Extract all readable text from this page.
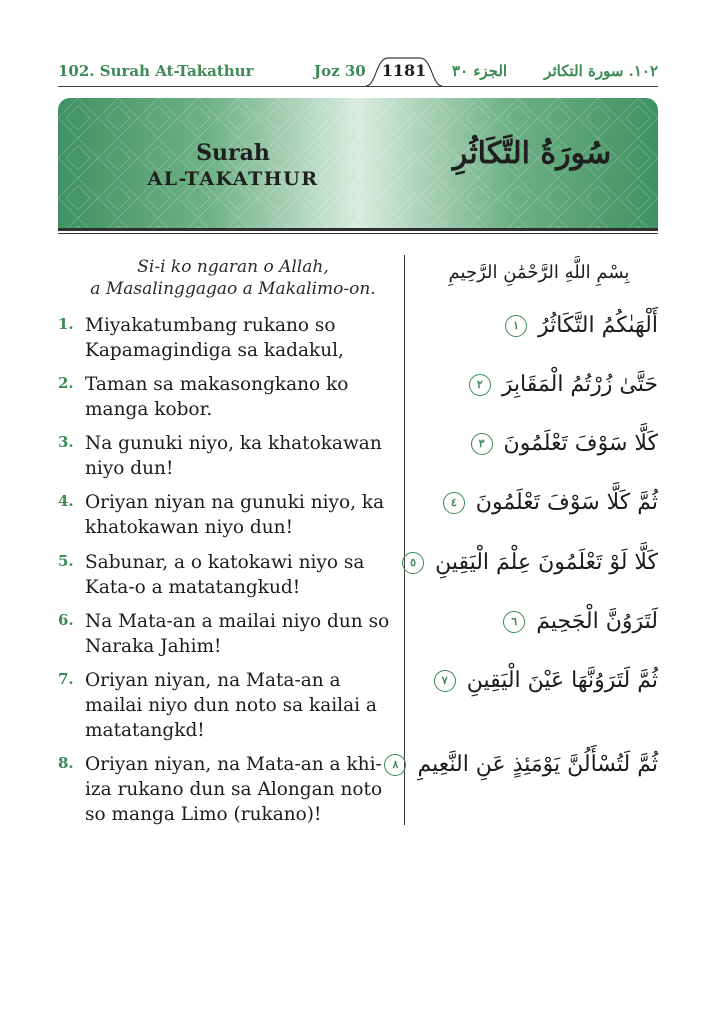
102. Surah At-Takathur	Joz 30	1181	الجزء ٣٠ ١٠٢. سورة التكاثر
Surah
AL-TAKATHUR
سُورَةُ التَّكَاثُرِ
Si-i ko ngaran o Allah,
a Masalinggagao a Makalimo-on.
بِسْمِ اللَّهِ الرَّحْمَٰنِ الرَّحِيمِ
1. Miyakatumbang rukano so
Kapamagindiga sa kadakul,
2. Taman sa makasongkano ko
manga kobor.
3. Na gunuki niyo, ka khatokawan
niyo dun!
4. Oriyan niyan na gunuki niyo, ka
khatokawan niyo dun!
5. Sabunar, a o katokawi niyo sa
Kata-o a matatangkud!
6. Na Mata-an a mailai niyo dun so
Naraka Jahim!
7. Oriyan niyan, na Mata-an a
mailai niyo dun noto sa kailai a
matatangkd!
8. Oriyan niyan, na Mata-an a khi-
iza rukano dun sa Alongan noto
so manga Limo (rukano)!
أَلْهَىٰكُمُ التَّكَاثُرُ ١
حَتَّىٰ زُرْتُمُ الْمَقَابِرَ ٢
كَلَّا سَوْفَ تَعْلَمُونَ ٣
ثُمَّ كَلَّا سَوْفَ تَعْلَمُونَ ٤
كَلَّا لَوْ تَعْلَمُونَ عِلْمَ الْيَقِينِ ٥
لَتَرَوُنَّ الْجَحِيمَ ٦
ثُمَّ لَتَرَوُنَّهَا عَيْنَ الْيَقِينِ ٧
ثُمَّ لَتُسْأَلُنَّ يَوْمَئِذٍ عَنِ النَّعِيمِ ٨
